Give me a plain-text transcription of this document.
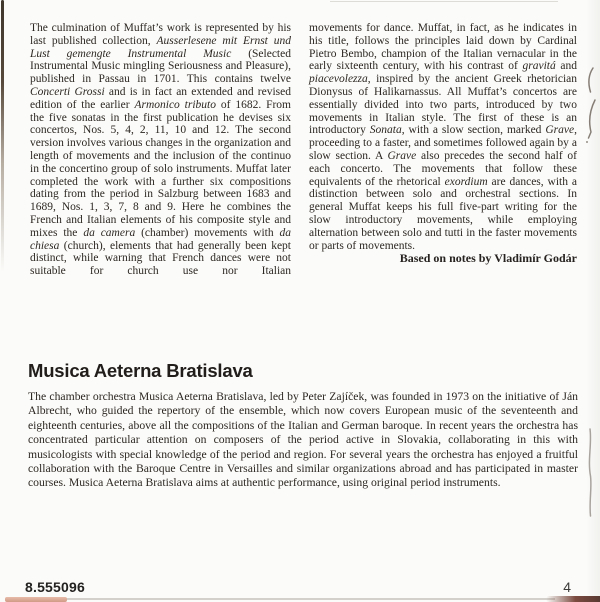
The culmination of Muffat’s work is represented by his last published collection, Ausserlesene mit Ernst und Lust gemengte Instrumental Music (Selected Instrumental Music mingling Seriousness and Pleasure), published in Passau in 1701. This contains twelve Concerti Grossi and is in fact an extended and revised edition of the earlier Armonico tributo of 1682. From the five sonatas in the first publication he devises six concertos, Nos. 5, 4, 2, 11, 10 and 12. The second version involves various changes in the organization and length of movements and the inclusion of the continuo in the concertino group of solo instruments. Muffat later completed the work with a further six compositions dating from the period in Salzburg between 1683 and 1689, Nos. 1, 3, 7, 8 and 9. Here he combines the French and Italian elements of his composite style and mixes the da camera (chamber) movements with da chiesa (church), elements that had generally been kept distinct, while warning that French dances were not suitable for church use nor Italian

movements for dance. Muffat, in fact, as he indicates in his title, follows the principles laid down by Cardinal Pietro Bembo, champion of the Italian vernacular in the early sixteenth century, with his contrast of gravitá and piacevolezza, inspired by the ancient Greek rhetorician Dionysus of Halikarnassus. All Muffat’s concertos are essentially divided into two parts, introduced by two movements in Italian style. The first of these is an introductory Sonata, with a slow section, marked Grave, proceeding to a faster, and sometimes followed again by a slow section. A Grave also precedes the second half of each concerto. The movements that follow these equivalents of the rhetorical exordium are dances, with a distinction between solo and orchestral sections. In general Muffat keeps his full five-part writing for the slow introductory movements, while employing alternation between solo and tutti in the faster movements or parts of movements.

Based on notes by Vladimír Godár

Musica Aeterna Bratislava

The chamber orchestra Musica Aeterna Bratislava, led by Peter Zajíček, was founded in 1973 on the initiative of Ján Albrecht, who guided the repertory of the ensemble, which now covers European music of the seventeenth and eighteenth centuries, above all the compositions of the Italian and German baroque. In recent years the orchestra has concentrated particular attention on composers of the period active in Slovakia, collaborating in this with musicologists with special knowledge of the period and region. For several years the orchestra has enjoyed a fruitful collaboration with the Baroque Centre in Versailles and similar organizations abroad and has participated in master courses. Musica Aeterna Bratislava aims at authentic performance, using original period instruments.

8.555096	4
